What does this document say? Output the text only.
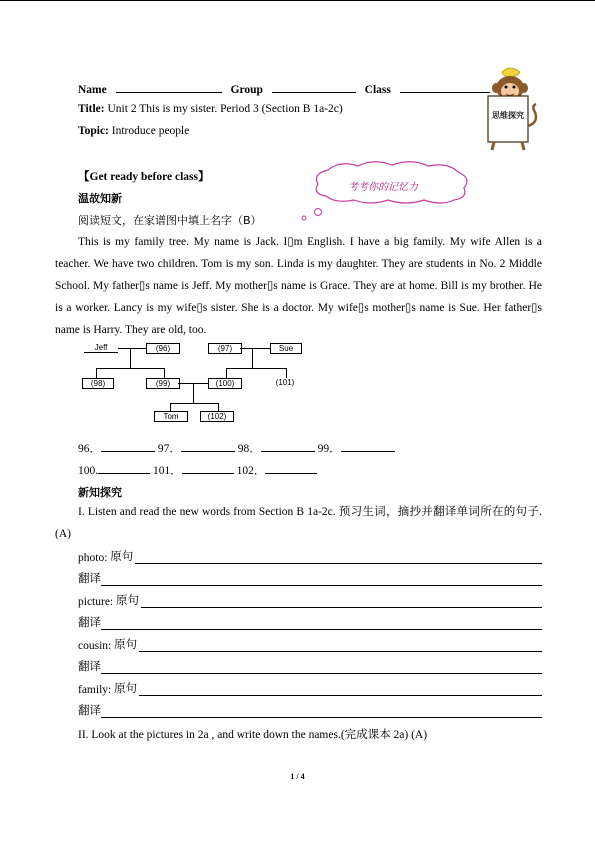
Name	Group	Class
Title: Unit 2 This is my sister. Period 3 (Section B 1a-2c)
Topic: Introduce people
思维探究
【Get ready before class】
温故知新
考考你的记忆力
阅读短文，在家谱图中填上名字（B）
This is my family tree. My name is Jack. I▯m English. I have a big family. My wife Allen is a teacher. We have two children. Tom is my son. Linda is my daughter. They are students in No. 2 Middle School. My father▯s name is Jeff. My mother▯s name is Grace. They are at home. Bill is my brother. He is a worker. Lancy is my wife▯s sister. She is a doctor. My wife▯s mother▯s name is Sue. Her father▯s name is Harry. They are old, too.
Jeff	(96)	(97)	Sue
(98)	(99)	(100)	(101)
Tom	(102)
96．	97．	98．	99．
100.	101．	102．
新知探究
I. Listen and read the new words from Section B 1a-2c. 预习生词，摘抄并翻译单词所在的句子. (A)
photo:
原句
翻译
picture:
原句
翻译
cousin:
原句
翻译
family:
原句
翻译
II. Look at the pictures in 2a , and write down the names.(完成课本 2a) (A)
1 / 4
